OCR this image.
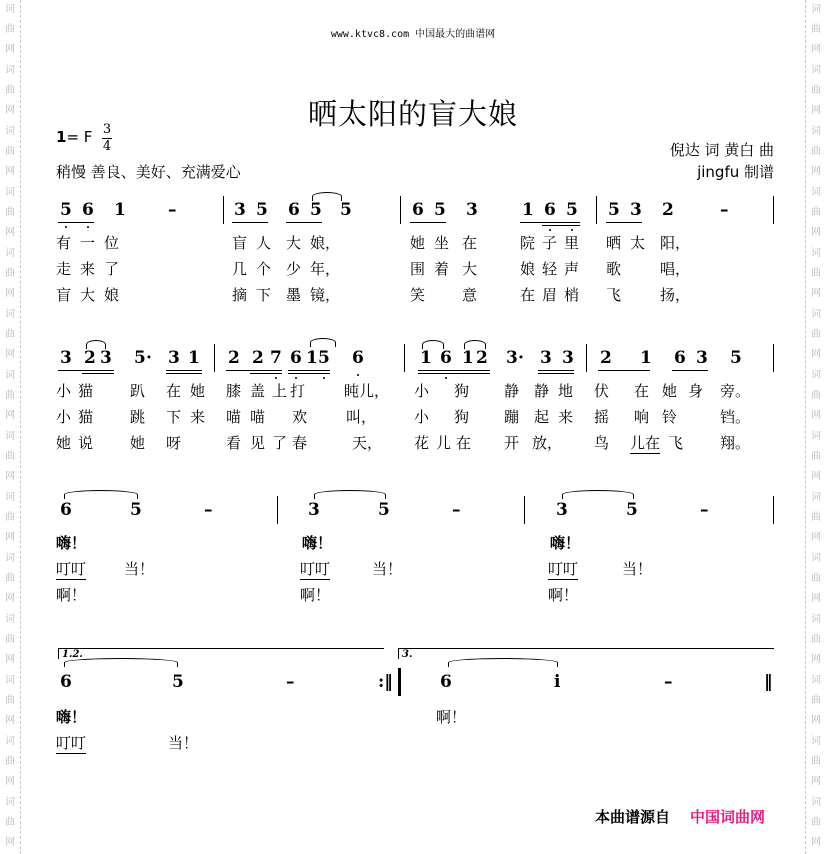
词
曲
网
词
曲
网
词
曲
网
词
曲
网
词
曲
网
词
曲
网
词
曲
网
词
曲
网
词
曲
网
词
曲
网
词
曲
网
词
曲
网
词
曲
网
词
曲
网
词
曲
网
词
曲
网
词
曲
网
词
曲
网
词
曲
网
词
曲
网
词
曲
网
词
曲
网
词
曲
网
词
曲
网
词
曲
网
词
曲
网
词
曲
网
词
曲
网
www.ktvc8.com 中国最大的曲谱网
晒太阳的盲大娘
1= F 3
4
稍慢 善良、美好、充满爱心
倪达 词 黄白 曲
jingfu 制谱
5 6 1 –	3 5 6 5 5	6 5 3	1 6 5 5 3 2	–
有 一 位	盲 人 大 娘，	她 坐 在	院 子 里 晒 太 阳，
走 来 了	几 个 少 年，	围 着 大	娘 轻 声 歌	唱，
盲 大 娘	摘 下 墨 镜，	笑 意	在 眉 梢 飞	扬，
3 2 3 5 · 3 1 2 2 7 6 1 5 6	1 6 1 2 3 · 3 3 2 1 6 3 5
小 猫 趴 在 她 膝 盖 上 打	盹儿， 小 狗 静 静 地 伏 在 她 身 旁。
小 猫 跳 下 来 喵 喵 欢	叫，	小 狗 蹦 起 来 摇 响 铃	铛。
她 说 她 呀	看 见 了 春	天， 花 儿 在 开 放， 鸟 儿在 飞 翔。
6	5	–	3	5	–	3	5	–
嗨！	嗨！	嗨！
叮叮	当！	叮叮	当！	叮叮	当！
啊！	啊！	啊！
1.2.	3.
6	5	–	:‖	6	i	–	‖
嗨！	啊！
叮叮	当！
本曲谱源自 中国词曲网
